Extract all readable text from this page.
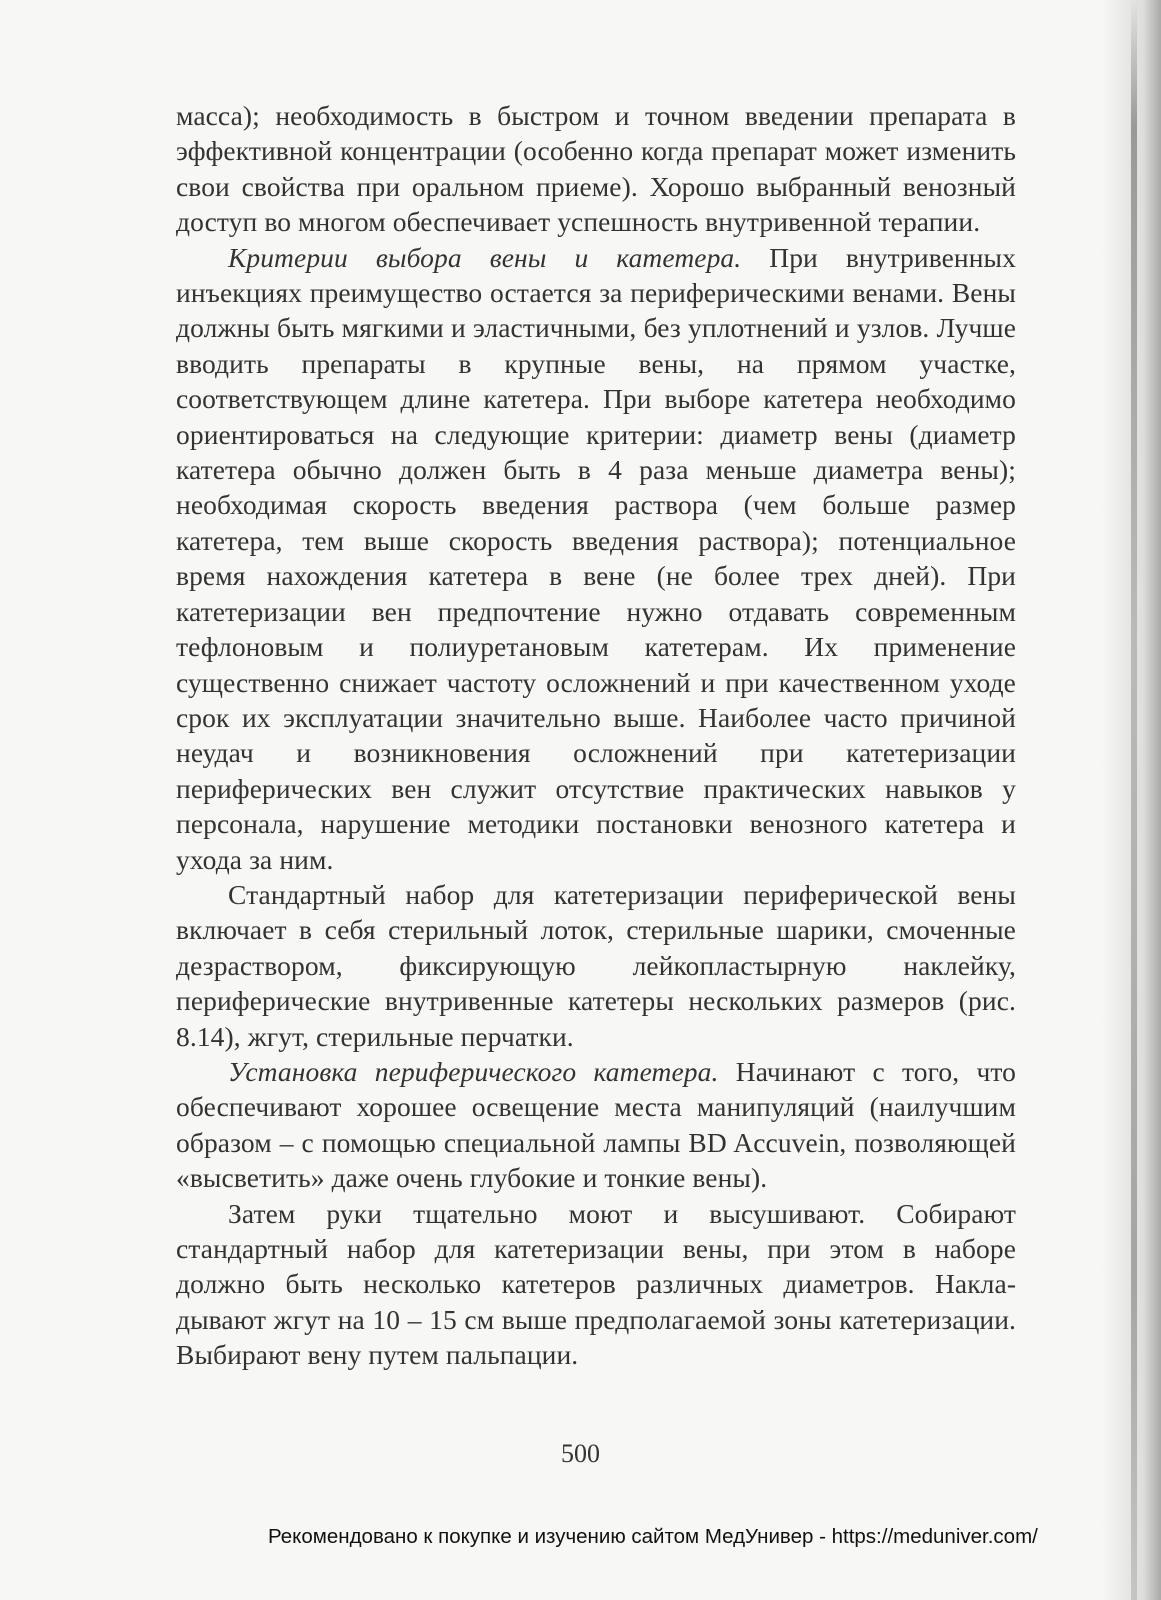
масса); необходимость в быстром и точном введении препарата в эффективной концентрации (особенно когда препарат может изменить свои свойства при оральном приеме). Хорошо выбранный венозный доступ во многом обеспечивает успешность внутривенной терапии.

Критерии выбора вены и катетера. При внутривенных инъекциях преимущество остается за периферическими венами. Вены должны быть мягкими и эластичными, без уплотнений и узлов. Лучше вводить препараты в крупные вены, на прямом участке, соответствующем длине катетера. При выборе катетера необходимо ориентироваться на следующие критерии: диаметр вены (диаметр катетера обычно должен быть в 4 раза меньше диаметра вены); необходимая скорость введения раствора (чем больше размер катетера, тем выше скорость введения раствора); потенциальное время нахождения катетера в вене (не более трех дней). При катетеризации вен предпочтение нужно отдавать современным тефлоновым и полиуретановым катетерам. Их применение существенно снижает частоту осложнений и при качественном уходе срок их эксплуатации значительно выше. Наиболее часто причиной неудач и возникновения осложнений при катетеризации периферических вен служит отсутствие практических навыков у персонала, нарушение методики постановки венозного катетера и ухода за ним.

Стандартный набор для катетеризации периферической вены включает в себя стерильный лоток, стерильные шарики, смоченные дезраствором, фиксирующую лейкопластырную наклейку, периферические внутривенные катетеры нескольких размеров (рис. 8.14), жгут, стерильные перчатки.

Установка периферического катетера. Начинают с того, что обеспечивают хорошее освещение места манипуляций (наилучшим образом – с помощью специальной лампы BD Accuvein, позволяющей «высветить» даже очень глубокие и тонкие вены).

Затем руки тщательно моют и высушивают. Собирают стандартный набор для катетеризации вены, при этом в наборе должно быть несколько катетеров различных диаметров. Накладывают жгут на 10 – 15 см выше предполагаемой зоны катетеризации. Выбирают вену путем пальпации.

500
Рекомендовано к покупке и изучению сайтом МедУнивер - https://meduniver.com/
